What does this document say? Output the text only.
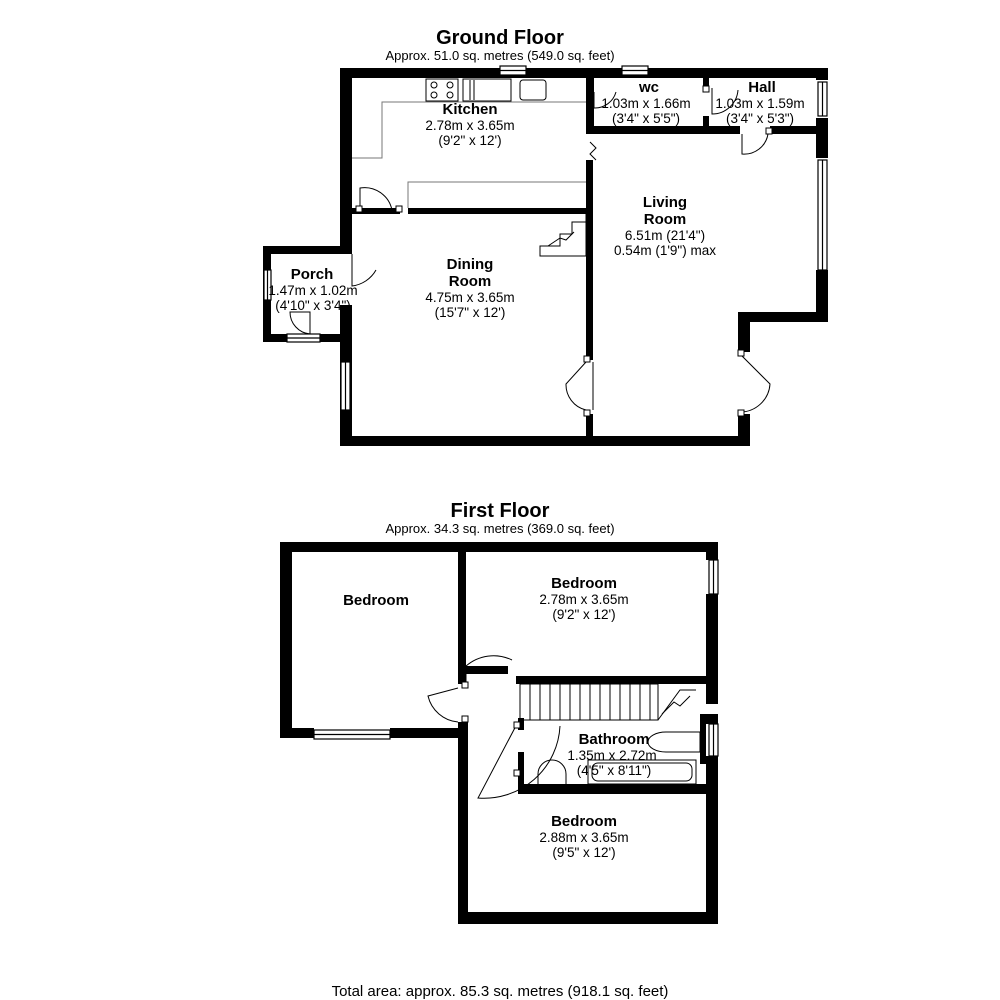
Ground Floor
Approx. 51.0 sq. metres (549.0 sq. feet)
Kitchen
2.78m x 3.65m
(9'2" x 12')
wc
1.03m x 1.66m
(3'4" x 5'5")
Hall
1.03m x 1.59m
(3'4" x 5'3")
Living
Room
6.51m (21'4")
0.54m (1'9") max
Dining
Room
4.75m x 3.65m
(15'7" x 12')
Porch
1.47m x 1.02m
(4'10" x 3'4")
First Floor
Approx. 34.3 sq. metres (369.0 sq. feet)
Bedroom
Bedroom
2.78m x 3.65m
(9'2" x 12')
Bathroom
1.35m x 2.72m
(4'5" x 8'11")
Bedroom
2.88m x 3.65m
(9'5" x 12')
Total area: approx. 85.3 sq. metres (918.1 sq. feet)
